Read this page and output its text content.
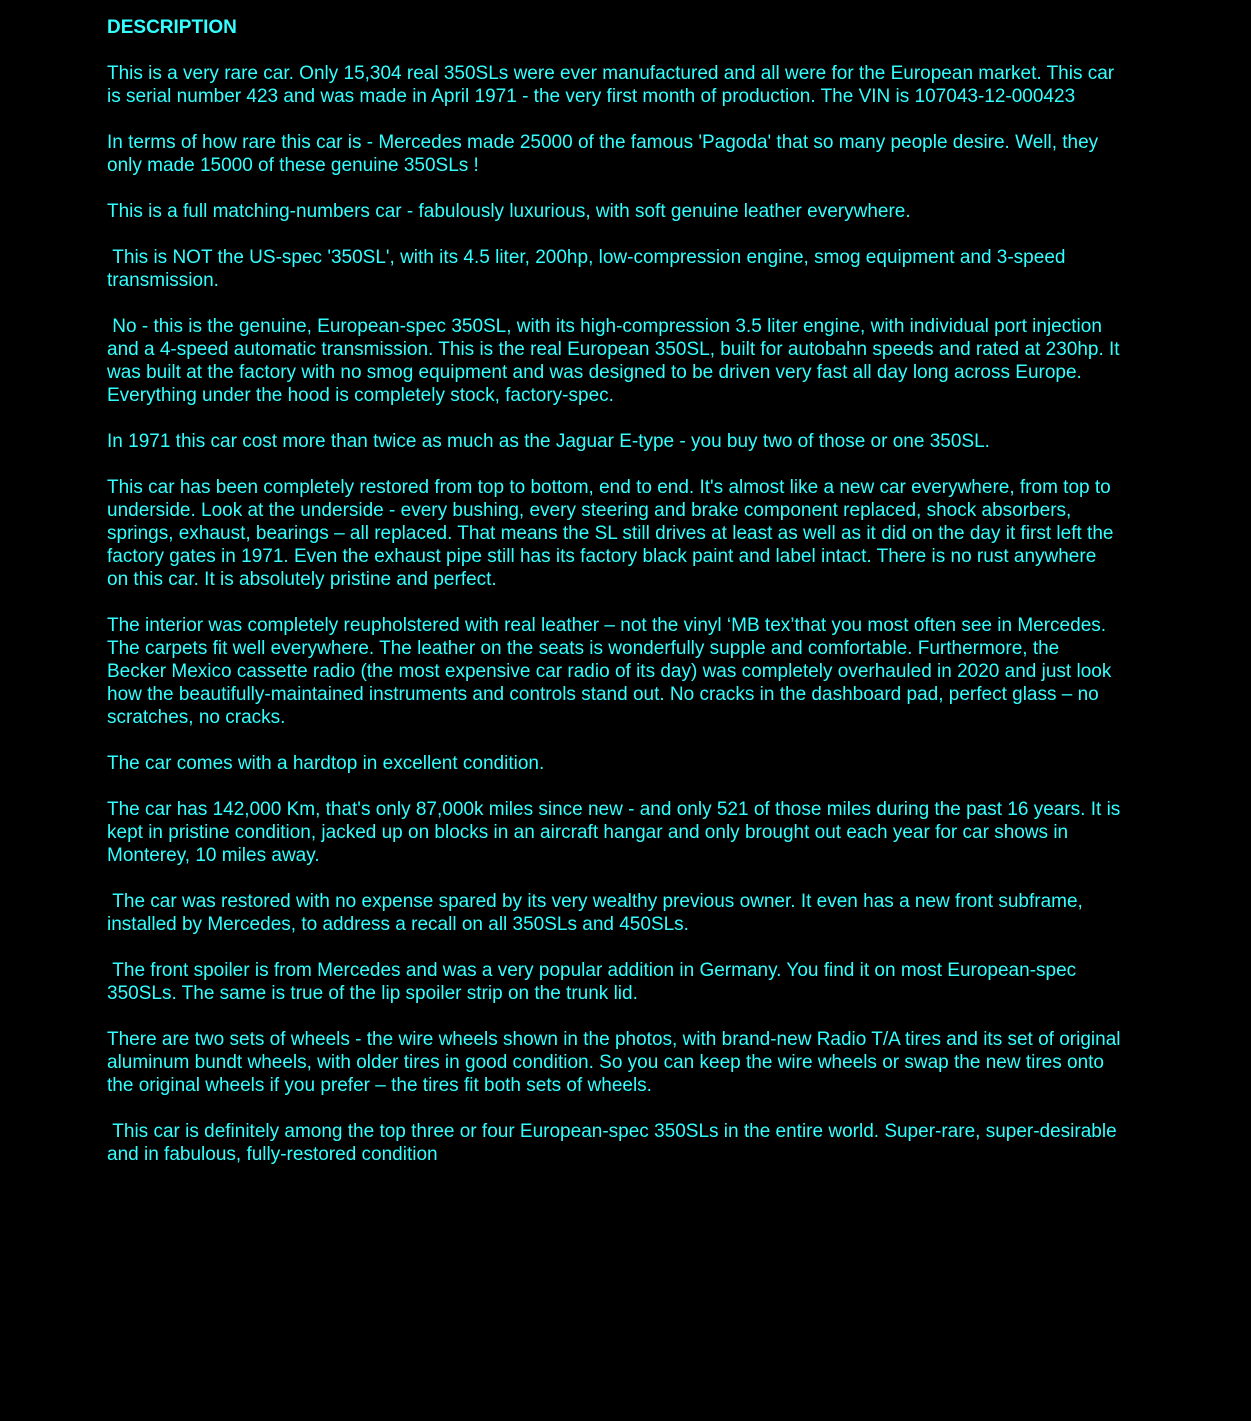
DESCRIPTION
This is a very rare car. Only 15,304 real 350SLs were ever manufactured and all were for the European market. This car is serial number 423 and was made in April 1971 - the very first month of production. The VIN is 107043-12-000423
In terms of how rare this car is - Mercedes made 25000 of the famous 'Pagoda' that so many people desire. Well, they only made 15000 of these genuine 350SLs !
This is a full matching-numbers car - fabulously luxurious, with soft genuine leather everywhere.
This is NOT the US-spec '350SL', with its 4.5 liter, 200hp, low-compression engine, smog equipment and 3-speed transmission.
No - this is the genuine, European-spec 350SL, with its high-compression 3.5 liter engine, with individual port injection and a 4-speed automatic transmission. This is the real European 350SL, built for autobahn speeds and rated at 230hp. It was built at the factory with no smog equipment and was designed to be driven very fast all day long across Europe. Everything under the hood is completely stock, factory-spec.
In 1971 this car cost more than twice as much as the Jaguar E-type - you buy two of those or one 350SL.
This car has been completely restored from top to bottom, end to end. It's almost like a new car everywhere, from top to underside. Look at the underside - every bushing, every steering and brake component replaced, shock absorbers, springs, exhaust, bearings – all replaced. That means the SL still drives at least as well as it did on the day it first left the factory gates in 1971. Even the exhaust pipe still has its factory black paint and label intact. There is no rust anywhere on this car. It is absolutely pristine and perfect.
The interior was completely reupholstered with real leather – not the vinyl ‘MB tex’that you most often see in Mercedes. The carpets fit well everywhere. The leather on the seats is wonderfully supple and comfortable. Furthermore, the Becker Mexico cassette radio (the most expensive car radio of its day) was completely overhauled in 2020 and just look how the beautifully-maintained instruments and controls stand out. No cracks in the dashboard pad, perfect glass – no scratches, no cracks.
The car comes with a hardtop in excellent condition.
The car has 142,000 Km, that's only 87,000k miles since new - and only 521 of those miles during the past 16 years. It is kept in pristine condition, jacked up on blocks in an aircraft hangar and only brought out each year for car shows in Monterey, 10 miles away.
The car was restored with no expense spared by its very wealthy previous owner. It even has a new front subframe, installed by Mercedes, to address a recall on all 350SLs and 450SLs.
The front spoiler is from Mercedes and was a very popular addition in Germany. You find it on most European-spec 350SLs. The same is true of the lip spoiler strip on the trunk lid.
There are two sets of wheels - the wire wheels shown in the photos, with brand-new Radio T/A tires and its set of original aluminum bundt wheels, with older tires in good condition. So you can keep the wire wheels or swap the new tires onto the original wheels if you prefer – the tires fit both sets of wheels.
This car is definitely among the top three or four European-spec 350SLs in the entire world. Super-rare, super-desirable and in fabulous, fully-restored condition
